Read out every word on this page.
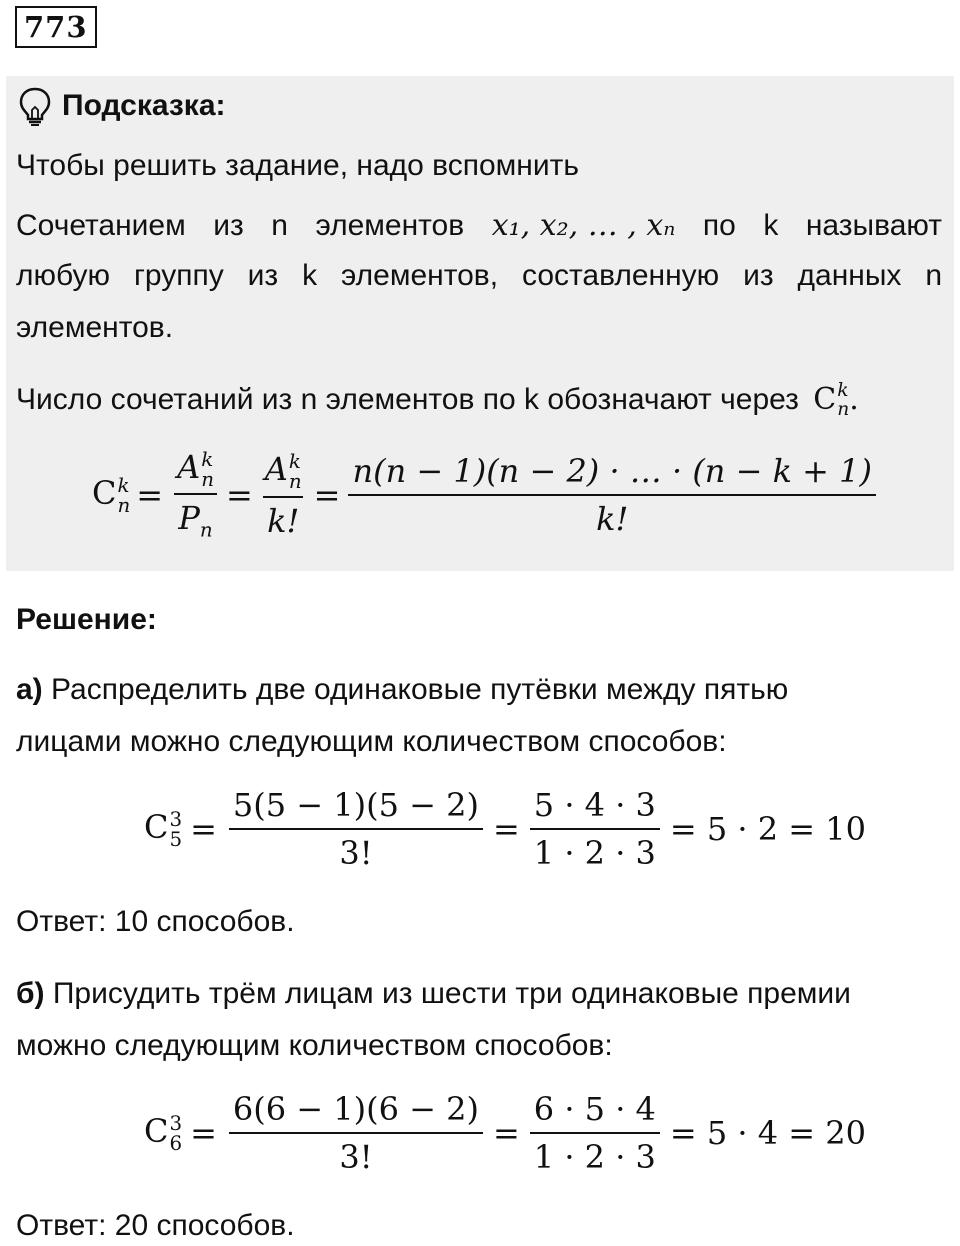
773
Подсказка:
Чтобы решить задание, надо вспомнить
Сочетанием из n элементов x₁, x₂, … , xₙ по k называют
любую группу из k элементов, составленную из данных n
элементов.
Число сочетаний из n элементов по k обозначают через C k
n .
C k
n = A k
n
$P_n = A$ k
n
k! = $\frac{n(n - 1)(n - 2) \cdot \dots \cdot (n - k + 1)}{k!}$
Решение:
а) Распределить две одинаковые путёвки между пятью
лицами можно следующим количеством способов:
C 3
$5 = \frac{5(5 - 1)(5 - 2)}{3!} = \frac{5 \cdot 4 \cdot 3}{1 \cdot 2 \cdot 3} = 5 \cdot 2 = 10$
Ответ: 10 способов.
б) Присудить трём лицам из шести три одинаковые премии
можно следующим количеством способов:
C 3
$6 = \frac{6(6 - 1)(6 - 2)}{3!} = \frac{6 \cdot 5 \cdot 4}{1 \cdot 2 \cdot 3} = 5 \cdot 4 = 20$
Ответ: 20 способов.
